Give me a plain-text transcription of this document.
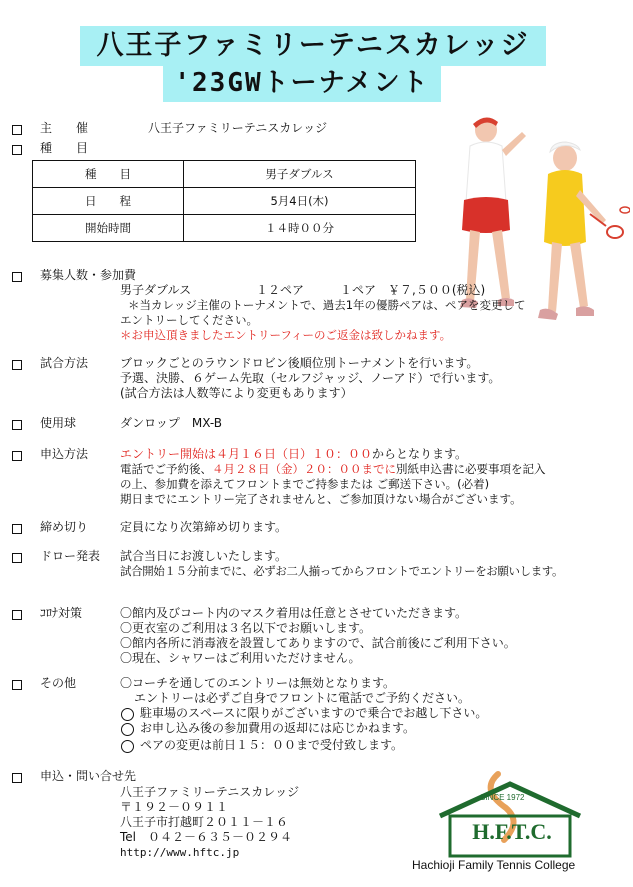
八王子ファミリーテニスカレッジ
'23GWトーナメント
主　　催	八王子ファミリーテニスカレッジ
種　　目
種　　目	男子ダブルス
日　　程	5月4日(木)
開始時間	１４時００分
募集人数・参加費
男子ダブルス	１２ペア	１ペア　￥７,５００(税込)
＊当カレッジ主催のトーナメントで、過去1年の優勝ペアは、ペアを変更して
エントリーしてください。
＊お申込頂きましたエントリーフィーのご返金は致しかねます。
試合方法	ブロックごとのラウンドロビン後順位別トーナメントを行います。
予選、決勝、６ゲーム先取（セルフジャッジ、ノーアド）で行います。
(試合方法は人数等により変更もあります）
使用球	ダンロップ　MX-B
申込方法	エントリー開始は４月１６日（日）１０：００からとなります。
電話でご予約後、４月２８日（金）２０：００までに別紙申込書に必要事項を記入
の上、参加費を添えてフロントまでご持参または ご郵送下さい。(必着)
期日までにエントリー完了されませんと、ご参加頂けない場合がございます。
締め切り	定員になり次第締め切ります。
ドロー発表 試合当日にお渡しいたします。
試合開始１５分前までに、必ずお二人揃ってからフロントでエントリーをお願いします。
ｺﾛﾅ対策	〇館内及びコート内のマスク着用は任意とさせていただきます。
〇更衣室のご利用は３名以下でお願いします。
〇館内各所に消毒液を設置してありますので、試合前後にご利用下さい。
〇現在、シャワーはご利用いただけません。
その他	〇コーチを通してのエントリーは無効となります。
エントリーは必ずご自身でフロントに電話でご予約ください。
駐車場のスペースに限りがございますので乗合でお越し下さい。
お申し込み後の参加費用の返却には応じかねます。
ペアの変更は前日１５：００まで受付致します。
申込・問い合せ先
八王子ファミリーテニスカレッジ
〒１９２－０９１１
八王子市打越町２０１１－１６
Tel　０４２－６３５－０２９４
http://www.hftc.jp
SINCE 1972
H.F.T.C.
Hachioji Family Tennis College
